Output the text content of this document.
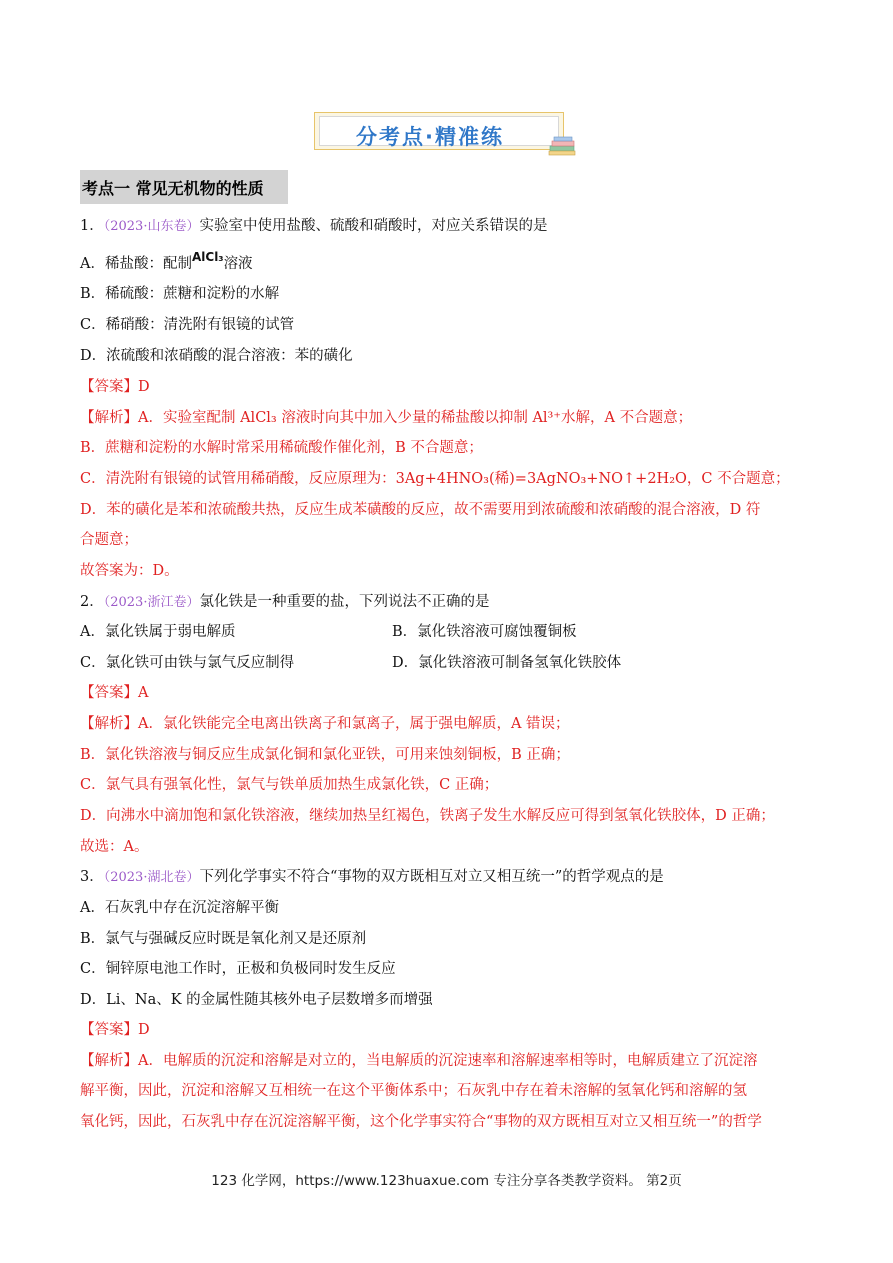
分考点·精准练
考点一 常见无机物的性质
1．（2023·山东卷）实验室中使用盐酸、硫酸和硝酸时，对应关系错误的是
A．稀盐酸：配制$^{AlCl_3}$溶液
B．稀硫酸：蔗糖和淀粉的水解
C．稀硝酸：清洗附有银镜的试管
D．浓硫酸和浓硝酸的混合溶液：苯的磺化
【答案】D
【解析】A．实验室配制 AlCl₃ 溶液时向其中加入少量的稀盐酸以抑制 Al³⁺水解，A 不合题意；
B．蔗糖和淀粉的水解时常采用稀硫酸作催化剂，B 不合题意；
C．清洗附有银镜的试管用稀硝酸，反应原理为：3Ag+4HNO₃(稀)=3AgNO₃+NO↑+2H₂O，C 不合题意；
D．苯的磺化是苯和浓硫酸共热，反应生成苯磺酸的反应，故不需要用到浓硫酸和浓硝酸的混合溶液，D 符
合题意；
故答案为：D。
2．（2023·浙江卷）氯化铁是一种重要的盐，下列说法不正确的是
A．氯化铁属于弱电解质	B．氯化铁溶液可腐蚀覆铜板
C．氯化铁可由铁与氯气反应制得	D．氯化铁溶液可制备氢氧化铁胶体
【答案】A
【解析】A．氯化铁能完全电离出铁离子和氯离子，属于强电解质，A 错误；
B．氯化铁溶液与铜反应生成氯化铜和氯化亚铁，可用来蚀刻铜板，B 正确；
C．氯气具有强氧化性，氯气与铁单质加热生成氯化铁，C 正确；
D．向沸水中滴加饱和氯化铁溶液，继续加热呈红褐色，铁离子发生水解反应可得到氢氧化铁胶体，D 正确；
故选：A。
3．（2023·湖北卷）下列化学事实不符合“事物的双方既相互对立又相互统一”的哲学观点的是
A．石灰乳中存在沉淀溶解平衡
B．氯气与强碱反应时既是氧化剂又是还原剂
C．铜锌原电池工作时，正极和负极同时发生反应
D．Li、Na、K 的金属性随其核外电子层数增多而增强
【答案】D
【解析】A．电解质的沉淀和溶解是对立的，当电解质的沉淀速率和溶解速率相等时，电解质建立了沉淀溶
解平衡，因此，沉淀和溶解又互相统一在这个平衡体系中；石灰乳中存在着未溶解的氢氧化钙和溶解的氢
氧化钙，因此，石灰乳中存在沉淀溶解平衡，这个化学事实符合“事物的双方既相互对立又相互统一”的哲学
123 化学网，https://www.123huaxue.com 专注分享各类教学资料。 第2页
